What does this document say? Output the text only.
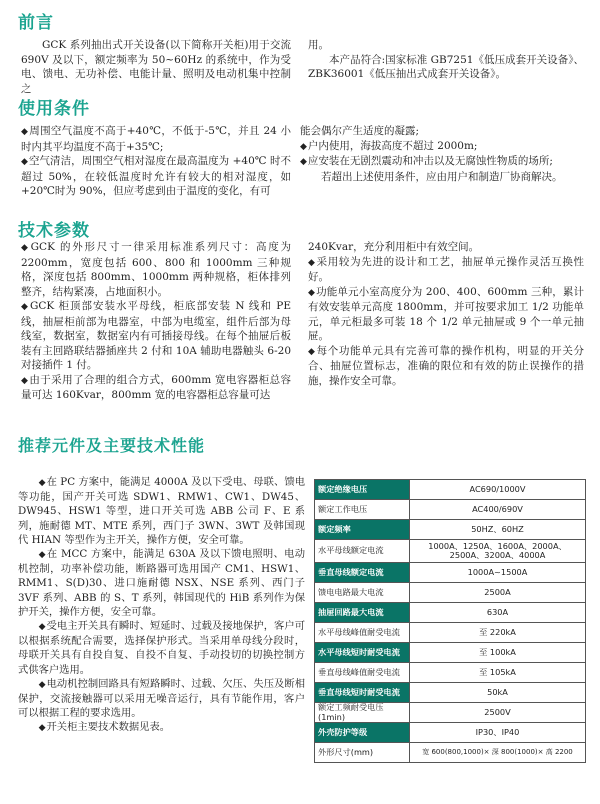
前言
使用条件
技术参数
推荐元件及主要技术性能

GCK 系列抽出式开关设备(以下简称开关柜)用于交流 690V 及以下，额定频率为 50~60Hz 的系统中，作为受电、馈电、无功补偿、电能计量、照明及电动机集中控制之

用。

本产品符合:国家标准 GB7251《低压成套开关设备》、ZBK36001《低压抽出式成套开关设备》。

◆ 周围空气温度不高于+40℃，不低于-5℃，并且 24 小时内其平均温度不高于+35℃;

◆ 空气清洁，周围空气相对湿度在最高温度为 +40℃ 时不超过 50%，在较低温度时允许有较大的相对湿度，如+20℃时为 90%，但应考虑到由于温度的变化，有可

能会偶尔产生适度的凝露;

◆ 户内使用，海拔高度不超过 2000m;

◆ 应安装在无剧烈震动和冲击以及无腐蚀性物质的场所;

若超出上述使用条件，应由用户和制造厂协商解决。

◆ GCK 的外形尺寸一律采用标准系列尺寸：高度为 2200mm，宽度包括 600、800 和 1000mm 三种规格，深度包括 800mm、1000mm 两种规格，柜体排列整齐，结构紧凑，占地面积小。

◆ GCK 柜顶部安装水平母线，柜底部安装 N 线和 PE 线，抽屉柜前部为电器室，中部为电缆室，组件后部为母线室，数据室，数据室内有可插接母线。在每个抽屉后板装有主回路联结器插座共 2 付和 10A 辅助电器触头 6-20 对接插件 1 付。

◆ 由于采用了合理的组合方式，600mm 宽电容器柜总容量可达 160Kvar，800mm 宽的电容器柜总容量可达

240Kvar，充分利用柜中有效空间。

◆ 采用较为先进的设计和工艺，抽屉单元操作灵活互换性好。

◆ 功能单元小室高度分为 200、400、600mm 三种，累计有效安装单元高度 1800mm，并可按要求加工 1/2 功能单元，单元柜最多可装 18 个 1/2 单元抽屉或 9 个一单元抽屉。

◆ 每个功能单元具有完善可靠的操作机构，明显的开关分合、抽屉位置标志，准确的限位和有效的防止误操作的措施，操作安全可靠。

◆ 在 PC 方案中，能满足 4000A 及以下受电、母联、馈电等功能，国产开关可选 SDW1、RMW1、CW1、DW45、DW945、HSW1 等型，进口开关可选 ABB 公司 F、E 系列，施耐德 MT、MTE 系列，西门子 3WN、3WT 及韩国现代 HIAN 等型作为主开关，操作方便，安全可靠。

◆ 在 MCC 方案中，能满足 630A 及以下馈电照明、电动机控制，功率补偿功能，断路器可选用国产 CM1、HSW1、RMM1、S(D)30、进口施耐德 NSX、NSE 系列、西门子 3VF 系列、ABB 的 S、T 系列，韩国现代的 HiB 系列作为保护开关，操作方便，安全可靠。

◆ 受电主开关具有瞬时、短延时、过载及接地保护，客户可以根据系统配合需要，选择保护形式。当采用单母线分段时，母联开关具有自投自复、自投不自复、手动投切的切换控制方式供客户选用。

◆ 电动机控制回路具有短路瞬时、过载、欠压、失压及断相保护，交流接触器可以采用无噪音运行，具有节能作用，客户可以根据工程的要求选用。

◆ 开关柜主要技术数据见表。

额定绝缘电压	AC690/1000V
额定工作电压	AC400/690V
额定频率	50HZ、60HZ
水平母线额定电流	1000A、1250A、1600A、2000A、2500A、3200A、4000A
垂直母线额定电流	1000A~1500A
馈电电路最大电流	2500A
抽屉回路最大电流	630A
水平母线峰值耐受电流	至 220kA
水平母线短时耐受电流	至 100kA
垂直母线峰值耐受电流	至 105kA
垂直母线短时耐受电流	50kA
额定工频耐受电压(1min)	2500V
外壳防护等级	IP30、IP40
外形尺寸(mm)	宽 600(800,1000)× 深 800(1000)× 高 2200
